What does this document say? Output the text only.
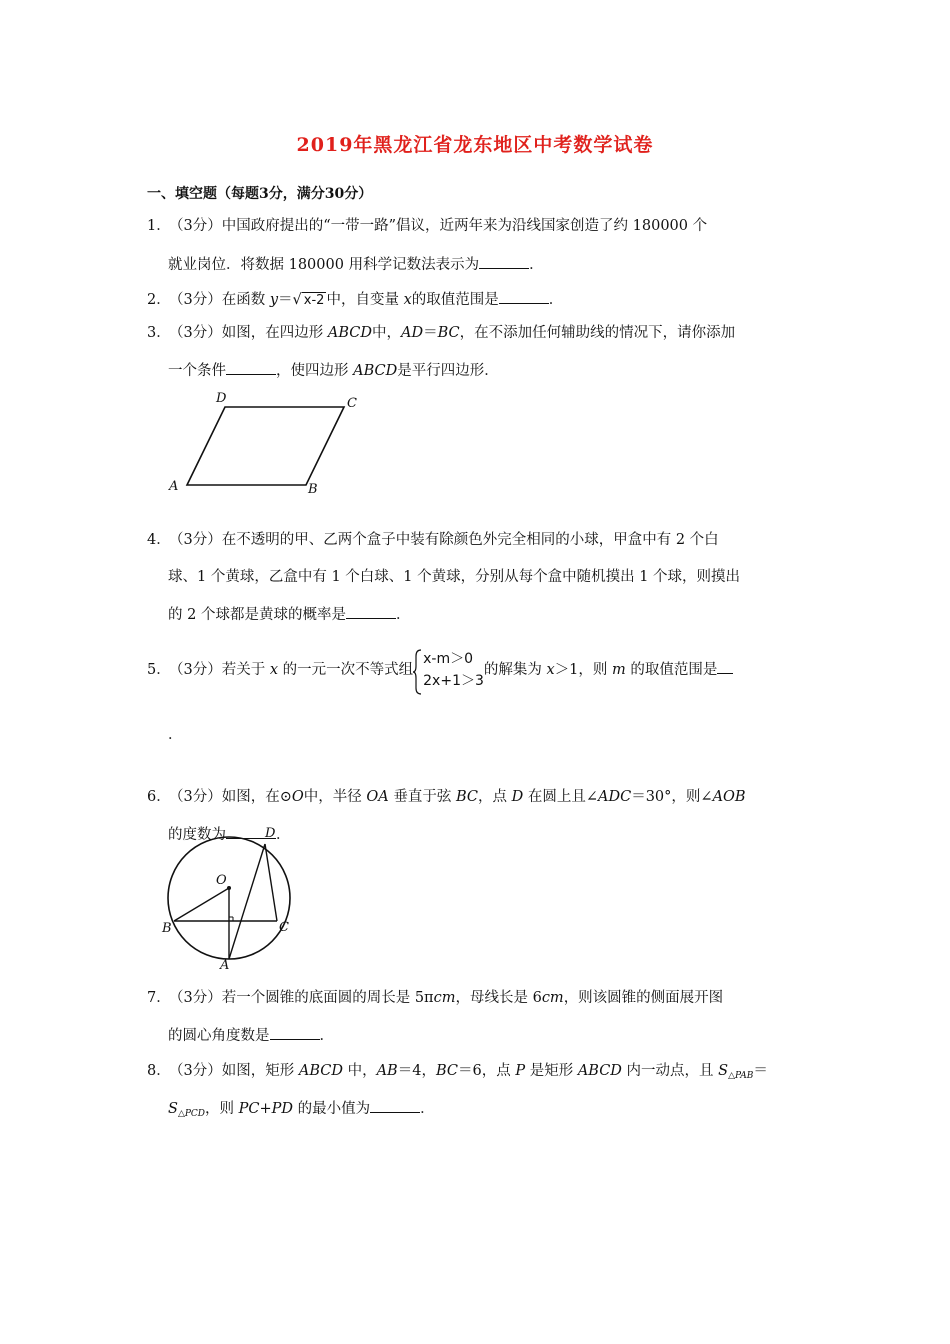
2019年黑龙江省龙东地区中考数学试卷
一、填空题（每题3分，满分30分）
1．（3分）中国政府提出的“一带一路”倡议，近两年来为沿线国家创造了约 180000 个
就业岗位．将数据 180000 用科学记数法表示为	．
2．（3分）在函数 y＝√ x-2 中，自变量 x的取值范围是	．
3．（3分）如图，在四边形 ABCD中，AD＝BC，在不添加任何辅助线的情况下，请你添加
一个条件	，使四边形 ABCD是平行四边形．
D	C
A	B
4．（3分）在不透明的甲、乙两个盒子中装有除颜色外完全相同的小球，甲盒中有 2 个白
球、1 个黄球，乙盒中有 1 个白球、1 个黄球，分别从每个盒中随机摸出 1 个球，则摸出
的 2 个球都是黄球的概率是	．
5．（3分）若关于 x 的一元一次不等式组
x-m＞0
2x+1＞3
的解集为 x＞1，则 m 的取值范围是
．
6．（3分）如图，在⊙O中，半径 OA 垂直于弦 BC，点 D 在圆上且∠ADC＝30°，则∠AOB
的度数为	．
O
D
B	C
A
7．（3分）若一个圆锥的底面圆的周长是 5πcm，母线长是 6cm，则该圆锥的侧面展开图
的圆心角度数是	．
8．（3分）如图，矩形 ABCD 中，AB＝4，BC＝6，点 P 是矩形 ABCD 内一动点，且 $S_{\triangle PAB}=$
$S_{\triangle PCD}$，则 PC+PD 的最小值为	．
